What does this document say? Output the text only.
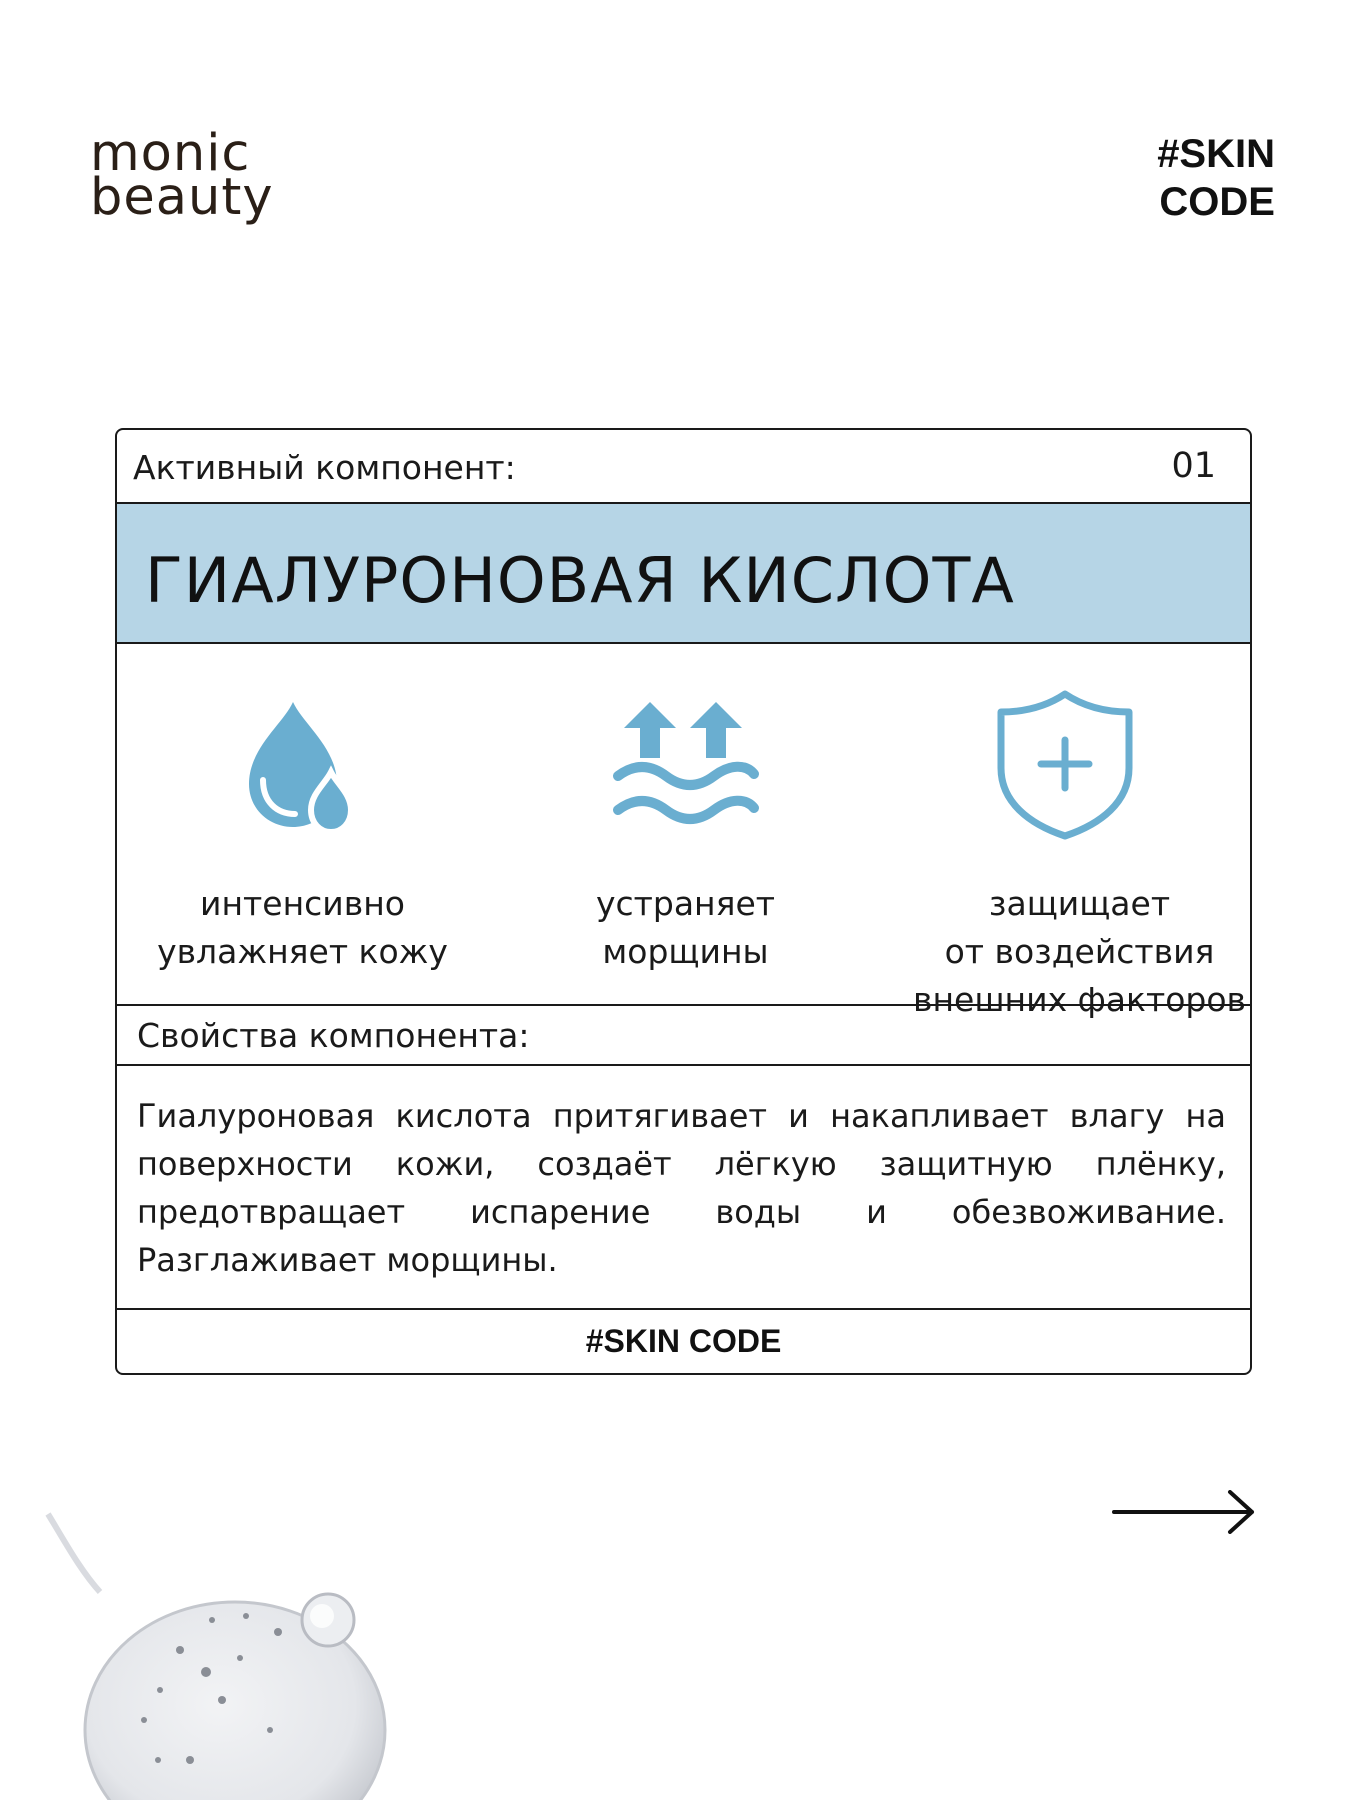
monic
beauty
#SKIN
CODE
Активный компонент:	01
ГИАЛУРОНОВАЯ КИСЛОТА
интенсивно
увлажняет кожу
устраняет
морщины
защищает
от воздействия
внешних факторов
Свойства компонента:

Гиалуроновая кислота притягивает и накапливает влагу на поверхности кожи, создаёт лёгкую защитную плёнку, предотвращает испарение воды и обезвоживание. Разглаживает морщины.

#SKIN CODE
